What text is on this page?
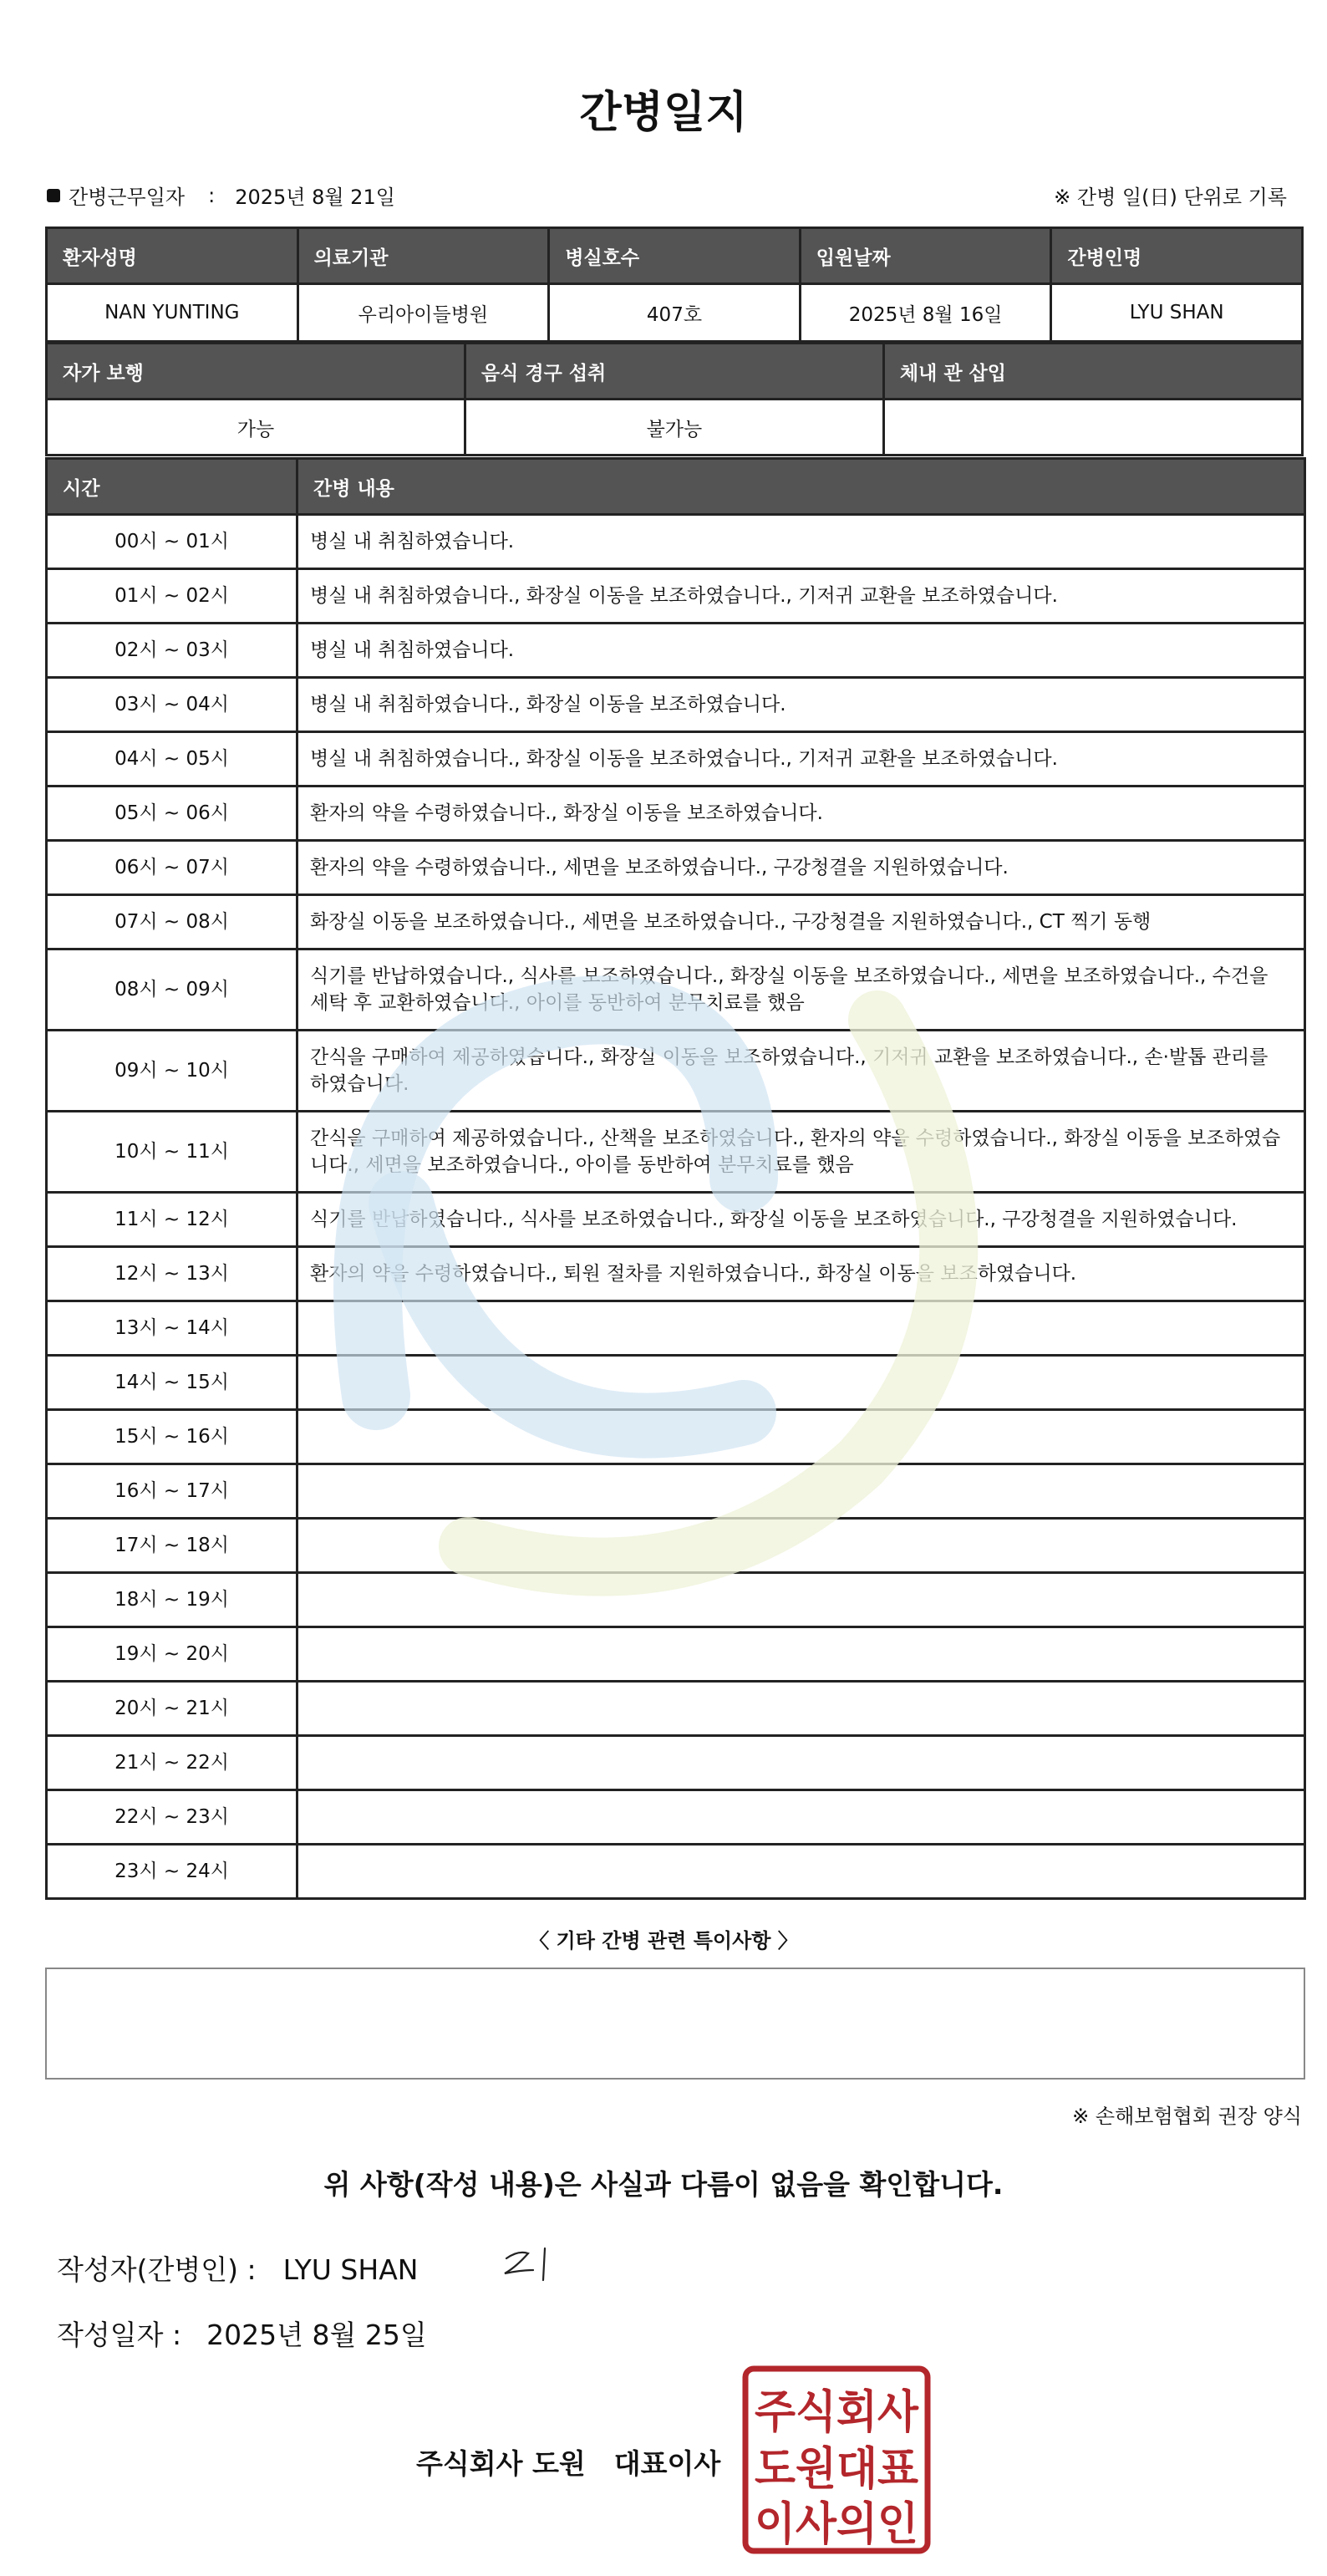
간병일지
간병근무일자 : 2025년 8월 21일	※ 간병 일(日) 단위로 기록
환자성명	의료기관	병실호수	입원날짜	간병인명
NAN YUNTING	우리아이들병원	407호	2025년 8월 16일	LYU SHAN
자가 보행	음식 경구 섭취	체내 관 삽입
가능	불가능	
시간	간병 내용
00시 ~ 01시	병실 내 취침하였습니다.
01시 ~ 02시	병실 내 취침하였습니다., 화장실 이동을 보조하였습니다., 기저귀 교환을 보조하였습니다.
02시 ~ 03시	병실 내 취침하였습니다.
03시 ~ 04시	병실 내 취침하였습니다., 화장실 이동을 보조하였습니다.
04시 ~ 05시	병실 내 취침하였습니다., 화장실 이동을 보조하였습니다., 기저귀 교환을 보조하였습니다.
05시 ~ 06시	환자의 약을 수령하였습니다., 화장실 이동을 보조하였습니다.
06시 ~ 07시	환자의 약을 수령하였습니다., 세면을 보조하였습니다., 구강청결을 지원하였습니다.
07시 ~ 08시	화장실 이동을 보조하였습니다., 세면을 보조하였습니다., 구강청결을 지원하였습니다., CT 찍기 동행
08시 ~ 09시	식기를 반납하였습니다., 식사를 보조하였습니다., 화장실 이동을 보조하였습니다., 세면을 보조하였습니다., 수건을 세탁 후 교환하였습니다., 아이를 동반하여 분무치료를 했음
09시 ~ 10시	간식을 구매하여 제공하였습니다., 화장실 이동을 보조하였습니다., 기저귀 교환을 보조하였습니다., 손·발톱 관리를 하였습니다.
10시 ~ 11시	간식을 구매하여 제공하였습니다., 산책을 보조하였습니다., 환자의 약을 수령하였습니다., 화장실 이동을 보조하였습니다., 세면을 보조하였습니다., 아이를 동반하여 분무치료를 했음
11시 ~ 12시	식기를 반납하였습니다., 식사를 보조하였습니다., 화장실 이동을 보조하였습니다., 구강청결을 지원하였습니다.
12시 ~ 13시	환자의 약을 수령하였습니다., 퇴원 절차를 지원하였습니다., 화장실 이동을 보조하였습니다.
13시 ~ 14시	
14시 ~ 15시	
15시 ~ 16시	
16시 ~ 17시	
17시 ~ 18시	
18시 ~ 19시	
19시 ~ 20시	
20시 ~ 21시	
21시 ~ 22시	
22시 ~ 23시	
23시 ~ 24시	
〈 기타 간병 관련 특이사항 〉
※ 손해보험협회 권장 양식
위 사항(작성 내용)은 사실과 다름이 없음을 확인합니다.
작성자(간병인) : LYU SHAN
작성일자 : 2025년 8월 25일
주식회사 도원 대표이사
주식회사
도원대표
이사의인
